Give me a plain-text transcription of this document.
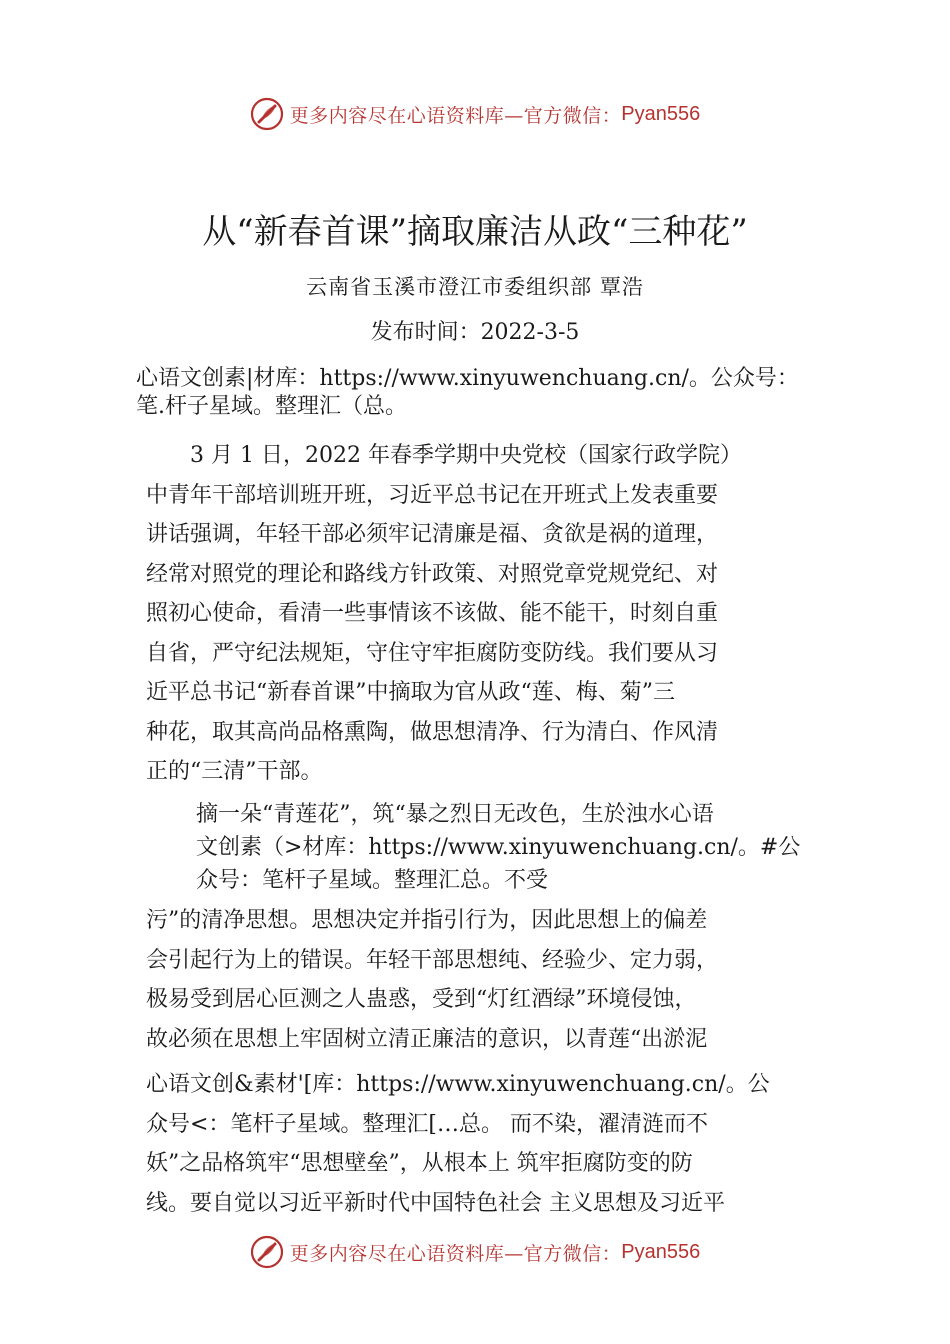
更多内容尽在心语资料库—官方微信： Pyan556
从“新春首课”摘取廉洁从政“三种花”
云南省玉溪市澄江市委组织部 覃浩
发布时间：2022-3-5
心语文创素|材库：https://www.xinyuwenchuang.cn/。公众号：
笔.杆子星域。整理汇（总。
　　3 月 1 日，2022 年春季学期中央党校（国家行政学院）
中青年干部培训班开班，习近平总书记在开班式上发表重要
讲话强调，年轻干部必须牢记清廉是福、贪欲是祸的道理，
经常对照党的理论和路线方针政策、对照党章党规党纪、对
照初心使命，看清一些事情该不该做、能不能干，时刻自重
自省，严守纪法规矩，守住守牢拒腐防变防线。我们要从习
近平总书记“新春首课”中摘取为官从政“莲、梅、菊”三
种花，取其高尚品格熏陶，做思想清净、行为清白、作风清
正的“三清”干部。
摘一朵“青莲花”，筑“暴之烈日无改色，生於浊水心语
文创素（>材库：https://www.xinyuwenchuang.cn/。#公
众号：笔杆子星域。整理汇总。不受
污”的清净思想。思想决定并指引行为，因此思想上的偏差
会引起行为上的错误。年轻干部思想纯、经验少、定力弱，
极易受到居心叵测之人蛊惑，受到“灯红酒绿”环境侵蚀，
故必须在思想上牢固树立清正廉洁的意识，以青莲“出淤泥
心语文创&素材'[库：https://www.xinyuwenchuang.cn/。公
众号<：笔杆子星域。整理汇[…总。 而不染，濯清涟而不
妖”之品格筑牢“思想壁垒”，从根本上 筑牢拒腐防变的防
线。要自觉以习近平新时代中国特色社会 主义思想及习近平
更多内容尽在心语资料库—官方微信： Pyan556
